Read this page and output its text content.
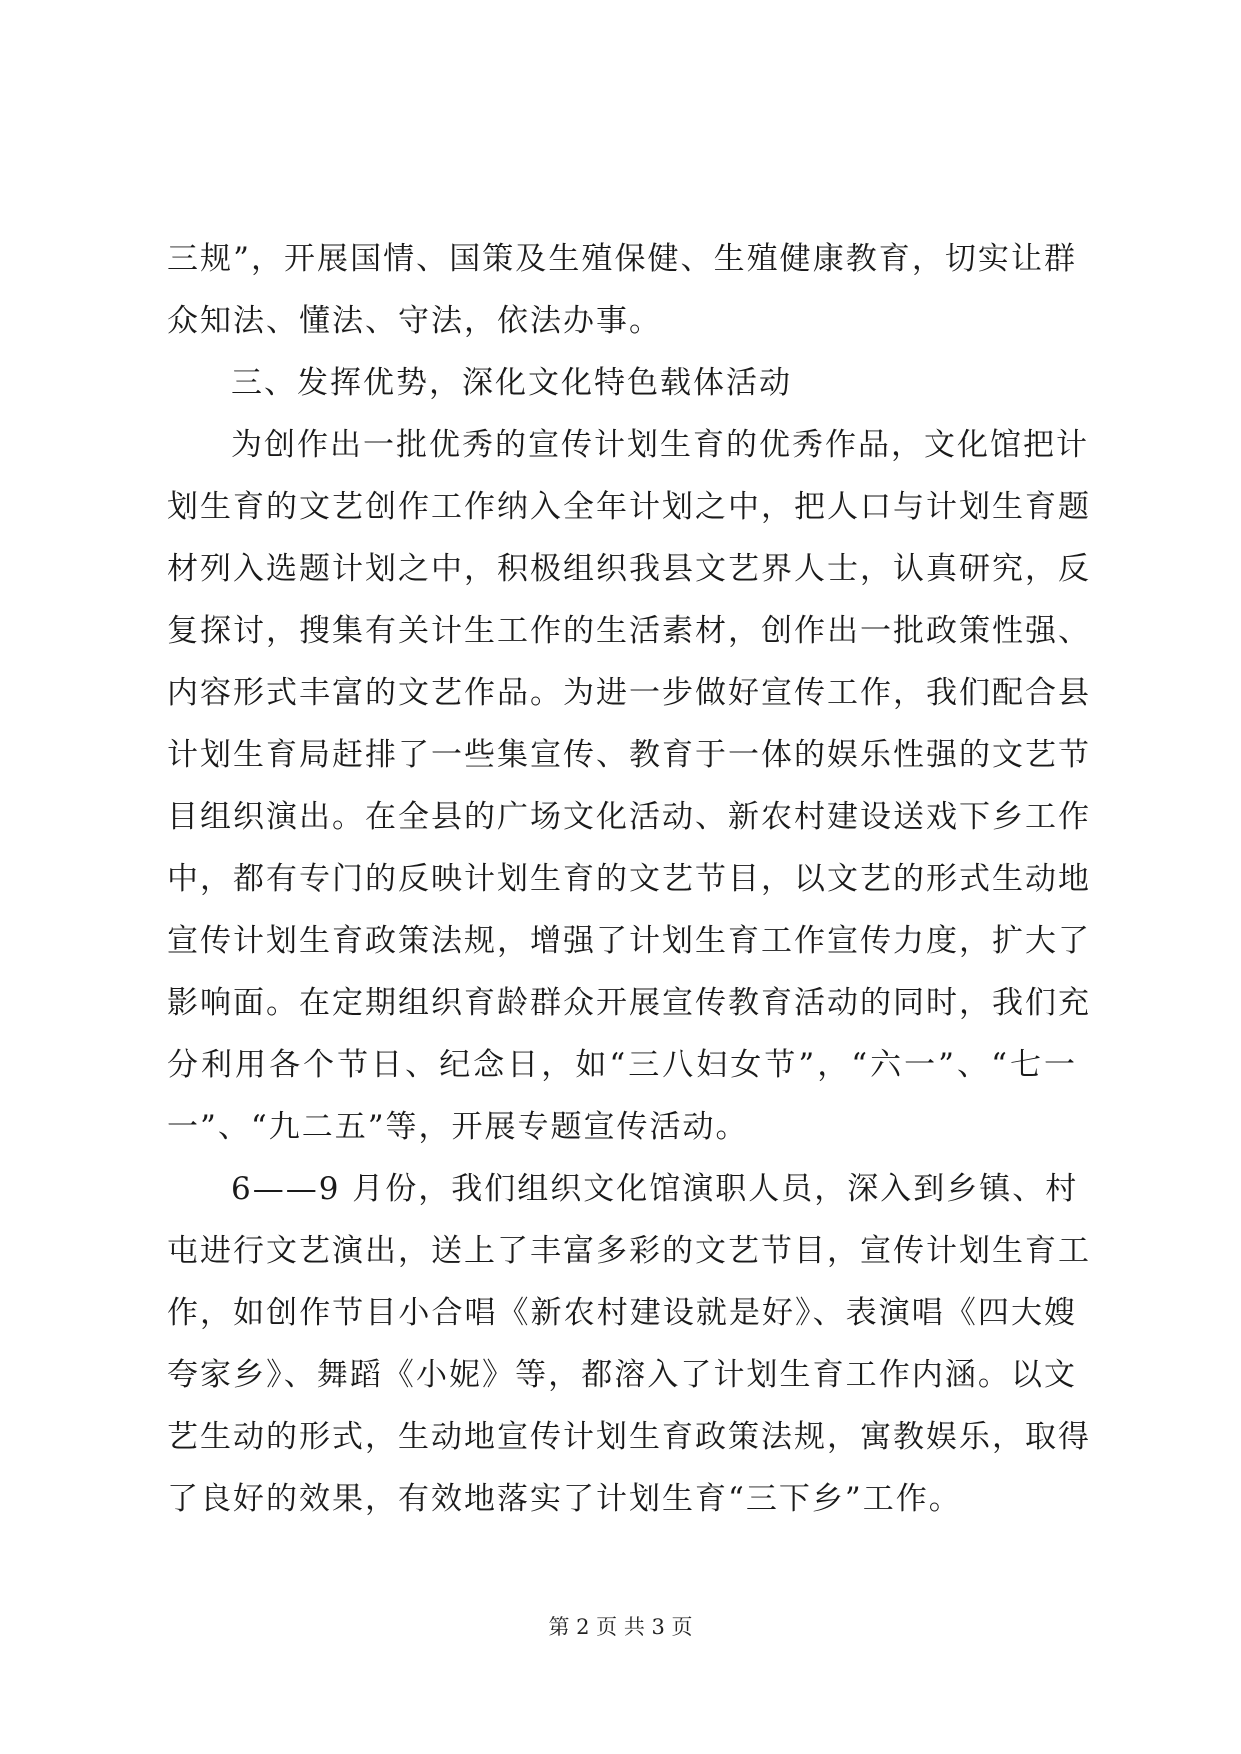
三规”，开展国情、国策及生殖保健、生殖健康教育，切实让群
众知法、懂法、守法，依法办事。
三、发挥优势，深化文化特色载体活动
为创作出一批优秀的宣传计划生育的优秀作品，文化馆把计
划生育的文艺创作工作纳入全年计划之中，把人口与计划生育题
材列入选题计划之中，积极组织我县文艺界人士，认真研究，反
复探讨，搜集有关计生工作的生活素材，创作出一批政策性强、
内容形式丰富的文艺作品。为进一步做好宣传工作，我们配合县
计划生育局赶排了一些集宣传、教育于一体的娱乐性强的文艺节
目组织演出。在全县的广场文化活动、新农村建设送戏下乡工作
中，都有专门的反映计划生育的文艺节目，以文艺的形式生动地
宣传计划生育政策法规，增强了计划生育工作宣传力度，扩大了
影响面。在定期组织育龄群众开展宣传教育活动的同时，我们充
分利用各个节日、纪念日，如“三八妇女节”，“六一”、“七一
一”、“九二五”等，开展专题宣传活动。
6——9 月份，我们组织文化馆演职人员，深入到乡镇、村
屯进行文艺演出，送上了丰富多彩的文艺节目，宣传计划生育工
作，如创作节目小合唱《新农村建设就是好》、表演唱《四大嫂
夸家乡》、舞蹈《小妮》等，都溶入了计划生育工作内涵。以文
艺生动的形式，生动地宣传计划生育政策法规，寓教娱乐，取得
了良好的效果，有效地落实了计划生育“三下乡”工作。
第 2 页 共 3 页
